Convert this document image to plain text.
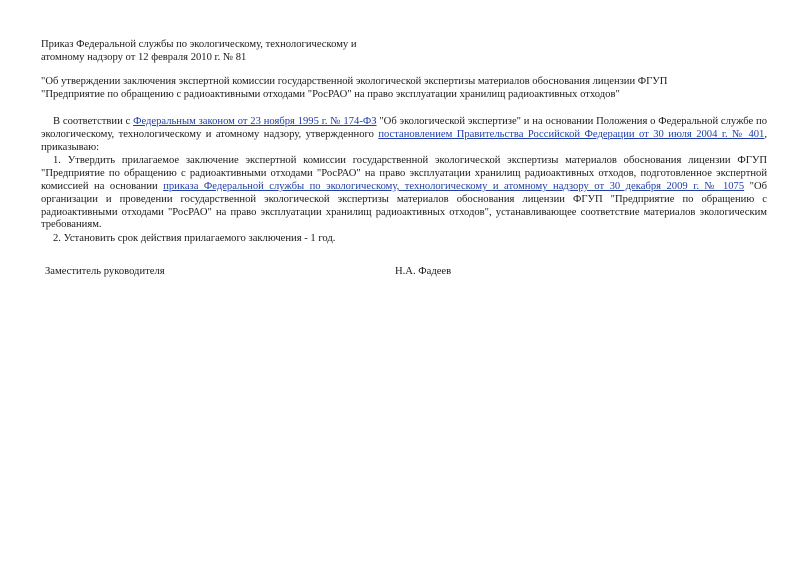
Приказ Федеральной службы по экологическому, технологическому и
атомному надзору от 12 февраля 2010 г. № 81
"Об утверждении заключения экспертной комиссии государственной экологической экспертизы материалов обоснования лицензии ФГУП
"Предприятие по обращению с радиоактивными отходами "РосРАО" на право эксплуатации хранилищ радиоактивных отходов"

В соответствии с Федеральным законом от 23 ноября 1995 г. № 174-ФЗ "Об экологической экспертизе" и на основании Положения о Федеральной службе по экологическому, технологическому и атомному надзору, утвержденного постановлением Правительства Российской Федерации от 30 июля 2004 г. № 401, приказываю:

1. Утвердить прилагаемое заключение экспертной комиссии государственной экологической экспертизы материалов обоснования лицензии ФГУП "Предприятие по обращению с радиоактивными отходами "РосРАО" на право эксплуатации хранилищ радиоактивных отходов, подготовленное экспертной комиссией на основании приказа Федеральной службы по экологическому, технологическому и атомному надзору от 30 декабря 2009 г. № 1075 "Об организации и проведении государственной экологической экспертизы материалов обоснования лицензии ФГУП "Предприятие по обращению с радиоактивными отходами "РосРАО" на право эксплуатации хранилищ радиоактивных отходов", устанавливающее соответствие материалов экологическим требованиям.

2. Установить срок действия прилагаемого заключения - 1 год.

Заместитель руководителя	Н.А. Фадеев
